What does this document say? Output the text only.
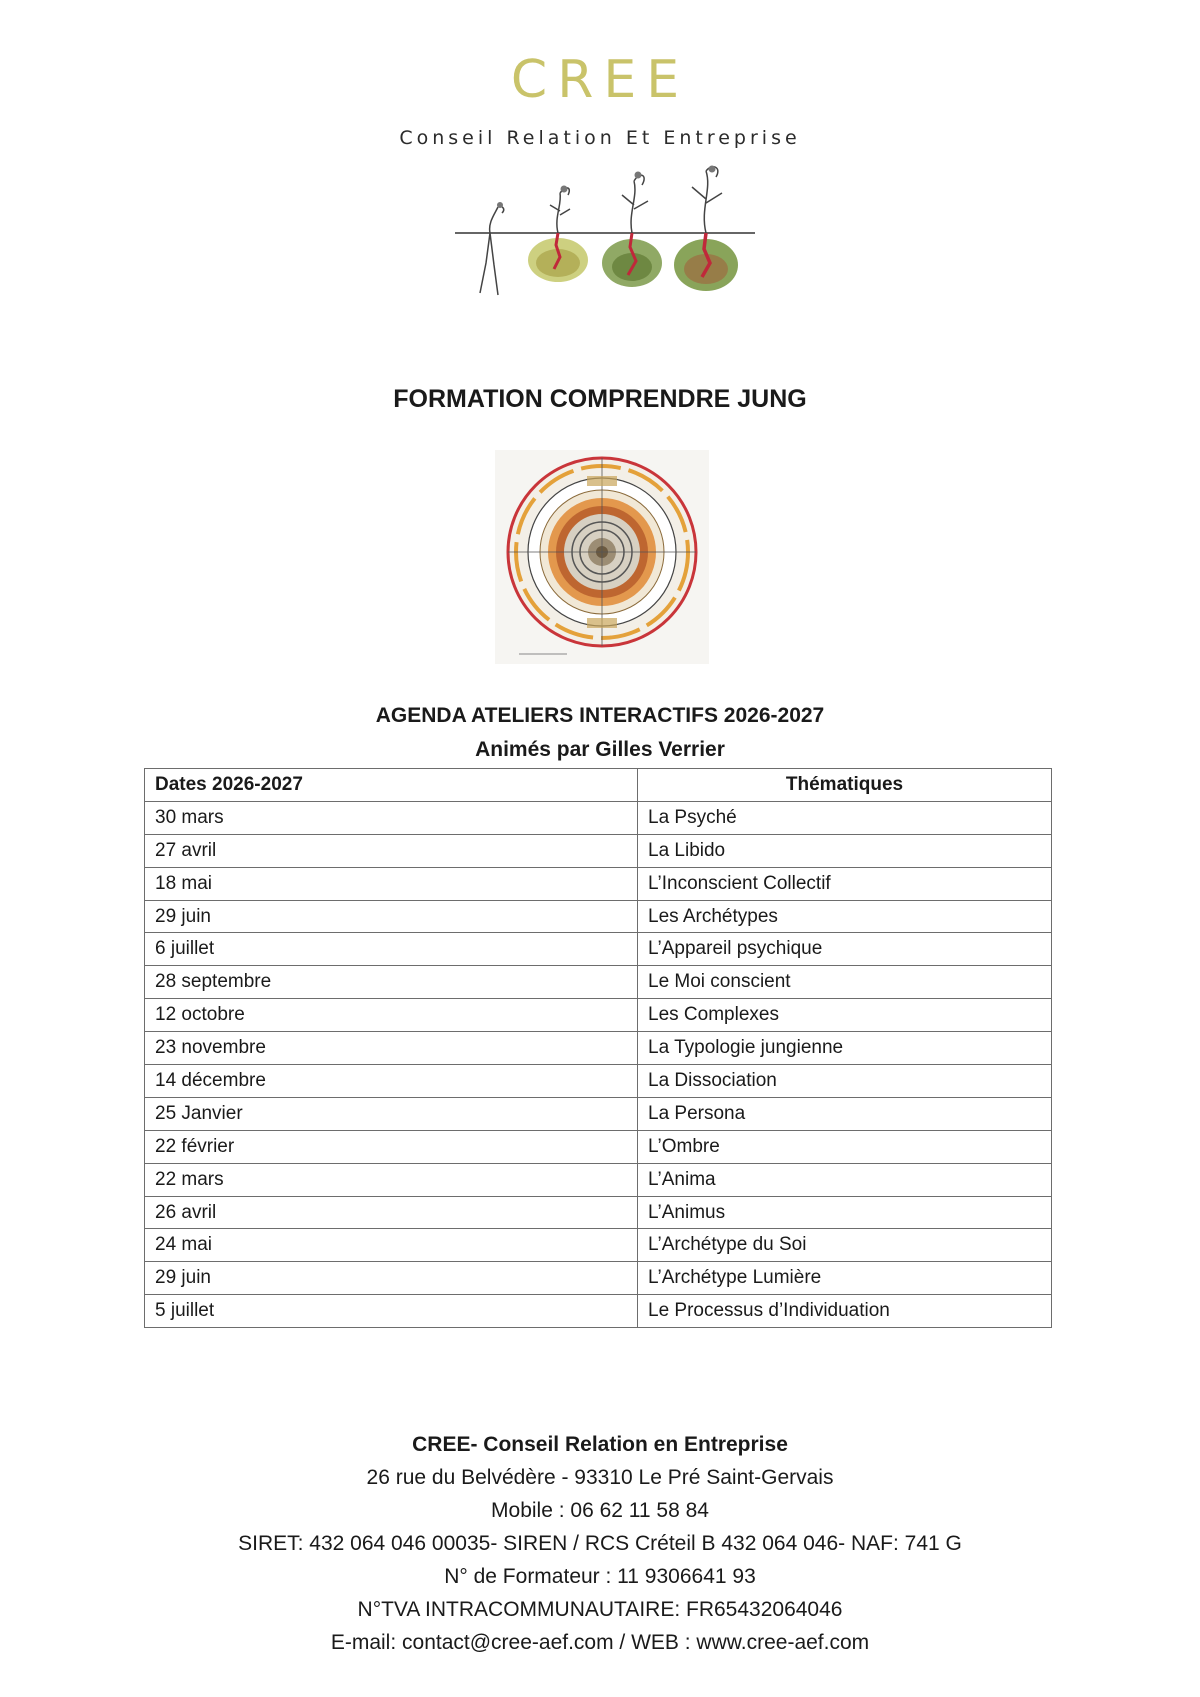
CREE
Conseil Relation Et Entreprise
FORMATION COMPRENDRE JUNG
AGENDA ATELIERS INTERACTIFS 2026-2027
Animés par Gilles Verrier
Dates 2026-2027	Thématiques
30 mars	La Psyché
27 avril	La Libido
18 mai	L’Inconscient Collectif
29 juin	Les Archétypes
6 juillet	L’Appareil psychique
28 septembre	Le Moi conscient
12 octobre	Les Complexes
23 novembre	La Typologie jungienne
14 décembre	La Dissociation
25 Janvier	La Persona
22 février	L’Ombre
22 mars	L’Anima
26 avril	L’Animus
24 mai	L’Archétype du Soi
29 juin	L’Archétype Lumière
5 juillet	Le Processus d’Individuation
CREE- Conseil Relation en Entreprise
26 rue du Belvédère - 93310 Le Pré Saint-Gervais
Mobile : 06 62 11 58 84
SIRET: 432 064 046 00035- SIREN / RCS Créteil B 432 064 046- NAF: 741 G
N° de Formateur : 11 9306641 93
N°TVA INTRACOMMUNAUTAIRE: FR65432064046
E-mail: contact@cree-aef.com / WEB : www.cree-aef.com
